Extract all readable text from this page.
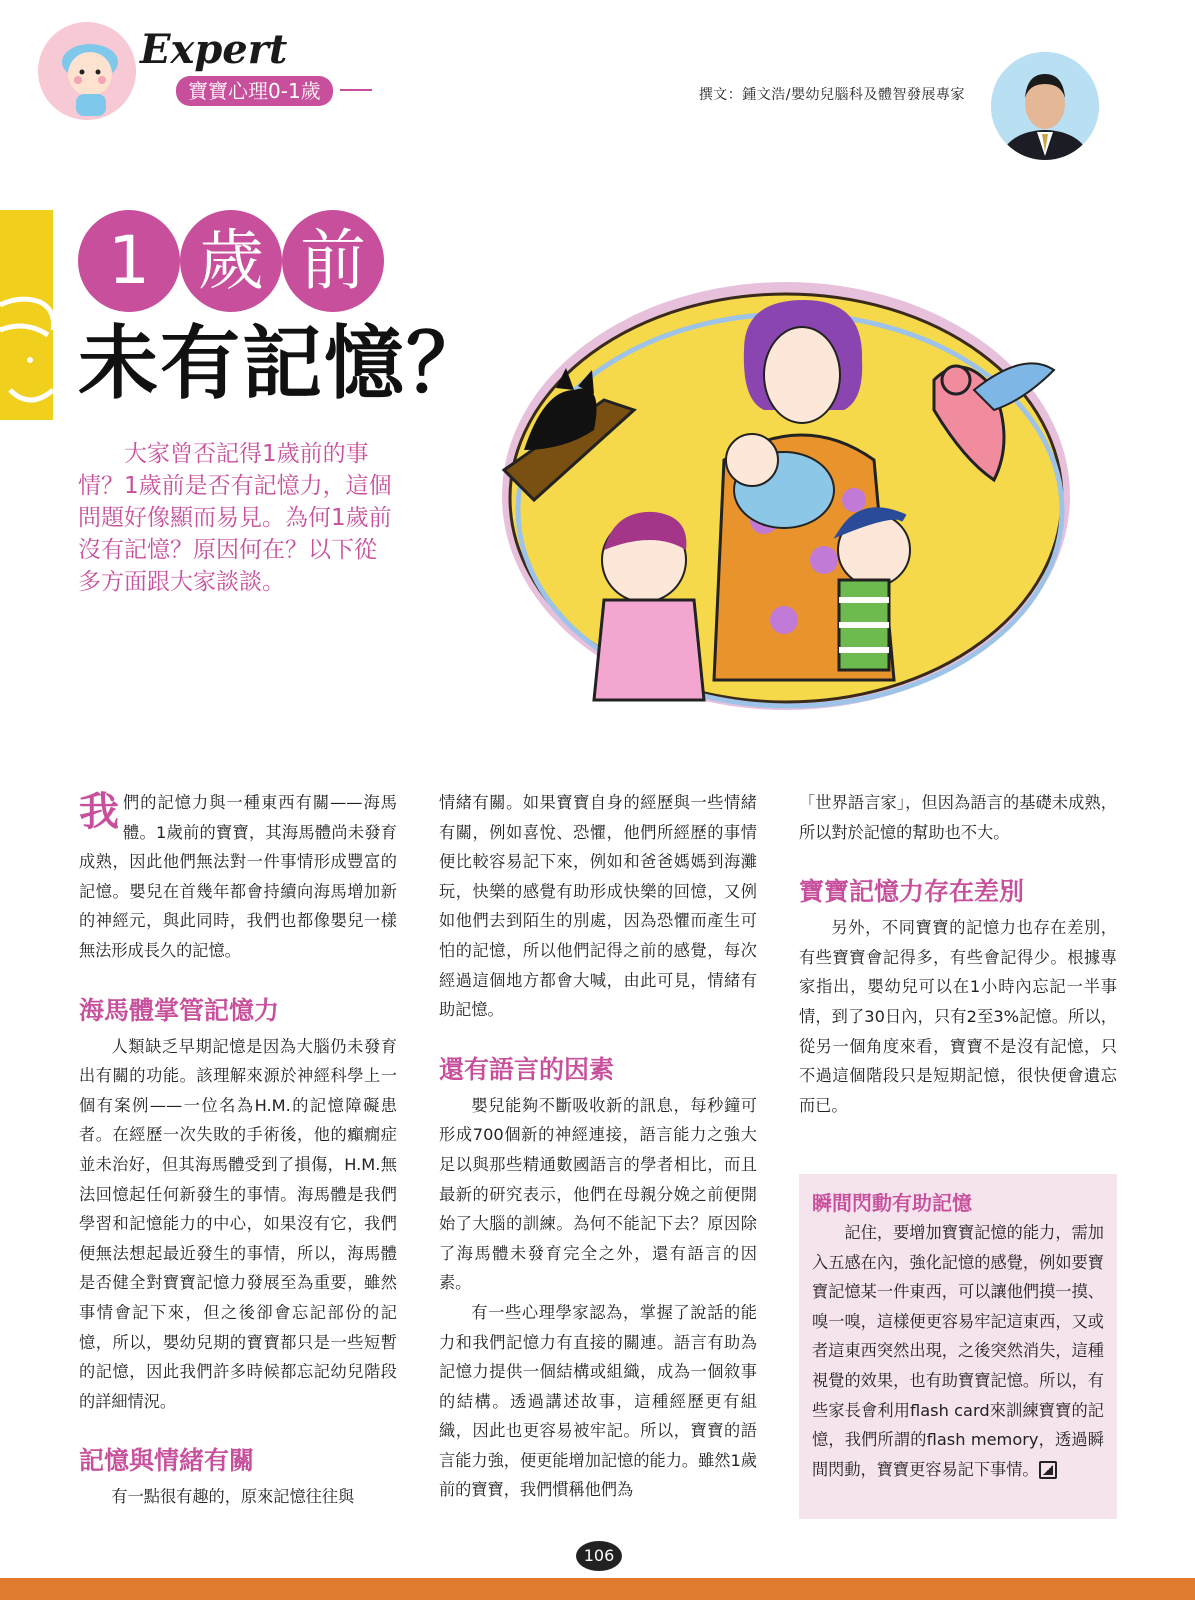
Expert
寶寶心理0-1歲	撰文：鍾文浩/嬰幼兒腦科及體智發展專家
1 歲 前
未有記憶？
大家曾否記得1歲前的事情？1歲前是否有記憶力，這個問題好像顯而易見。為何1歲前沒有記憶？原因何在？以下從多方面跟大家談談。

我們的記憶力與一種東西有關——海馬體。1歲前的寶寶，其海馬體尚未發育成熟，因此他們無法對一件事情形成豐富的記憶。嬰兒在首幾年都會持續向海馬增加新的神經元，與此同時，我們也都像嬰兒一樣無法形成長久的記憶。

海馬體掌管記憶力

人類缺乏早期記憶是因為大腦仍未發育出有關的功能。該理解來源於神經科學上一個有案例——一位名為H.M.的記憶障礙患者。在經歷一次失敗的手術後，他的癲癇症並未治好，但其海馬體受到了損傷，H.M.無法回憶起任何新發生的事情。海馬體是我們學習和記憶能力的中心，如果沒有它，我們便無法想起最近發生的事情，所以，海馬體是否健全對寶寶記憶力發展至為重要，雖然事情會記下來，但之後卻會忘記部份的記憶，所以，嬰幼兒期的寶寶都只是一些短暫的記憶，因此我們許多時候都忘記幼兒階段的詳細情況。

記憶與情緒有關

有一點很有趣的，原來記憶往往與

情緒有關。如果寶寶自身的經歷與一些情緒有關，例如喜悅、恐懼，他們所經歷的事情便比較容易記下來，例如和爸爸媽媽到海灘玩，快樂的感覺有助形成快樂的回憶，又例如他們去到陌生的別處，因為恐懼而產生可怕的記憶，所以他們記得之前的感覺，每次經過這個地方都會大喊，由此可見，情緒有助記憶。

還有語言的因素

嬰兒能夠不斷吸收新的訊息，每秒鐘可形成700個新的神經連接，語言能力之強大足以與那些精通數國語言的學者相比，而且最新的研究表示，他們在母親分娩之前便開始了大腦的訓練。為何不能記下去？原因除了海馬體未發育完全之外，還有語言的因素。

有一些心理學家認為，掌握了說話的能力和我們記憶力有直接的關連。語言有助為記憶力提供一個結構或組織，成為一個敘事的結構。透過講述故事，這種經歷更有組織，因此也更容易被牢記。所以，寶寶的語言能力強，便更能增加記憶的能力。雖然1歲前的寶寶，我們慣稱他們為

「世界語言家」，但因為語言的基礎未成熟，所以對於記憶的幫助也不大。

寶寶記憶力存在差別

另外，不同寶寶的記憶力也存在差別，有些寶寶會記得多，有些會記得少。根據專家指出，嬰幼兒可以在1小時內忘記一半事情，到了30日內，只有2至3%記憶。所以，從另一個角度來看，寶寶不是沒有記憶，只不過這個階段只是短期記憶，很快便會遺忘而已。

瞬間閃動有助記憶
記住，要增加寶寶記憶的能力，需加入五感在內，強化記憶的感覺，例如要寶寶記憶某一件東西，可以讓他們摸一摸、嗅一嗅，這樣便更容易牢記這東西，又或者這東西突然出現，之後突然消失，這種視覺的效果，也有助寶寶記憶。所以，有些家長會利用flash card來訓練寶寶的記憶，我們所謂的flash memory，透過瞬間閃動，寶寶更容易記下事情。
106
